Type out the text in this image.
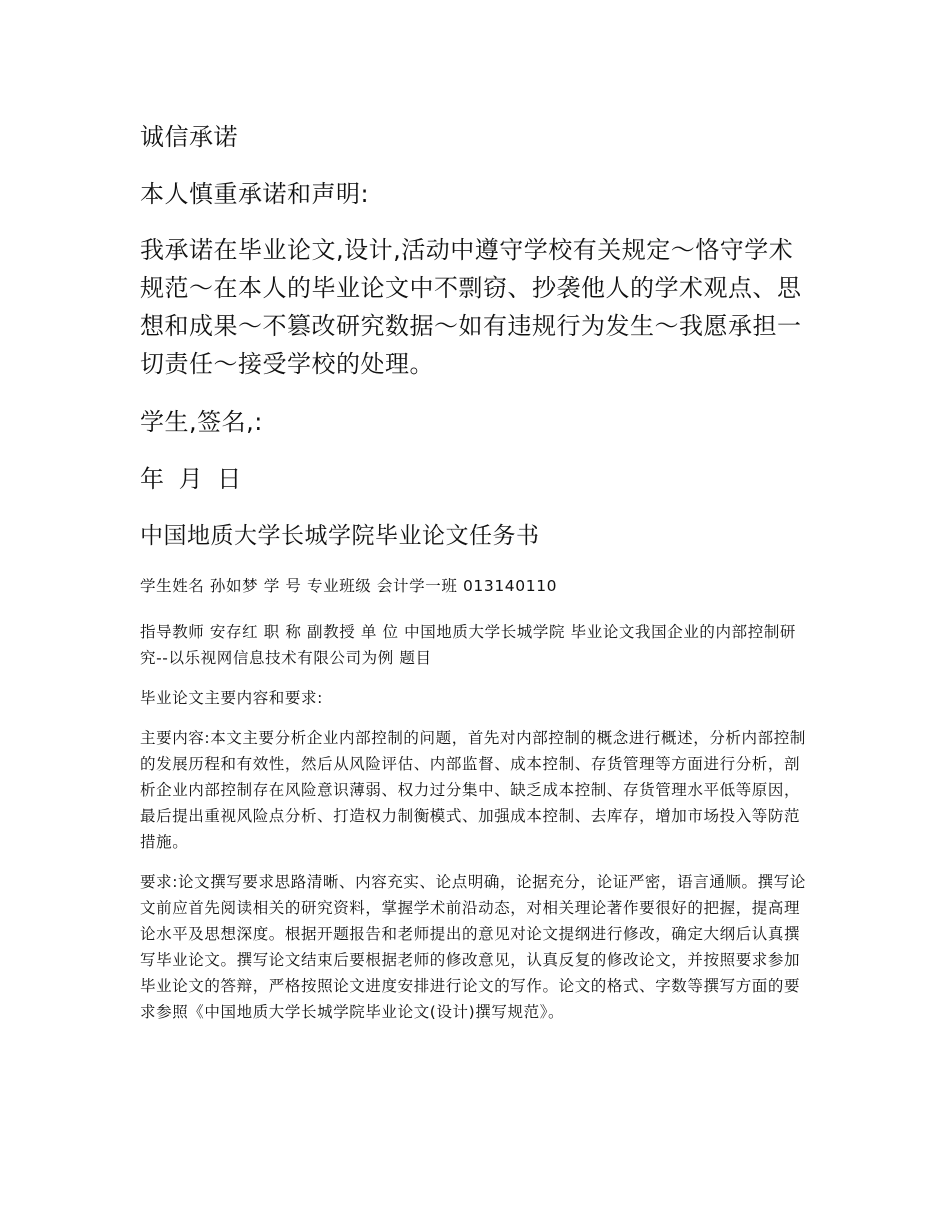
诚信承诺

本人慎重承诺和声明:

我承诺在毕业论文,设计,活动中遵守学校有关规定～恪守学术规范～在本人的毕业论文中不剽窃、抄袭他人的学术观点、思想和成果～不篡改研究数据～如有违规行为发生～我愿承担一切责任～接受学校的处理。

学生,签名,:

年 月 日

中国地质大学长城学院毕业论文任务书

学生姓名 孙如梦 学 号 专业班级 会计学一班 013140110

指导教师 安存红 职 称 副教授 单 位 中国地质大学长城学院 毕业论文我国企业的内部控制研究--以乐视网信息技术有限公司为例 题目

毕业论文主要内容和要求:

主要内容:本文主要分析企业内部控制的问题，首先对内部控制的概念进行概述，分析内部控制的发展历程和有效性，然后从风险评估、内部监督、成本控制、存货管理等方面进行分析，剖析企业内部控制存在风险意识薄弱、权力过分集中、缺乏成本控制、存货管理水平低等原因，最后提出重视风险点分析、打造权力制衡模式、加强成本控制、去库存，增加市场投入等防范措施。

要求:论文撰写要求思路清晰、内容充实、论点明确，论据充分，论证严密，语言通顺。撰写论文前应首先阅读相关的研究资料，掌握学术前沿动态，对相关理论著作要很好的把握，提高理论水平及思想深度。根据开题报告和老师提出的意见对论文提纲进行修改，确定大纲后认真撰写毕业论文。撰写论文结束后要根据老师的修改意见，认真反复的修改论文，并按照要求参加毕业论文的答辩，严格按照论文进度安排进行论文的写作。论文的格式、字数等撰写方面的要求参照《中国地质大学长城学院毕业论文(设计)撰写规范》。
